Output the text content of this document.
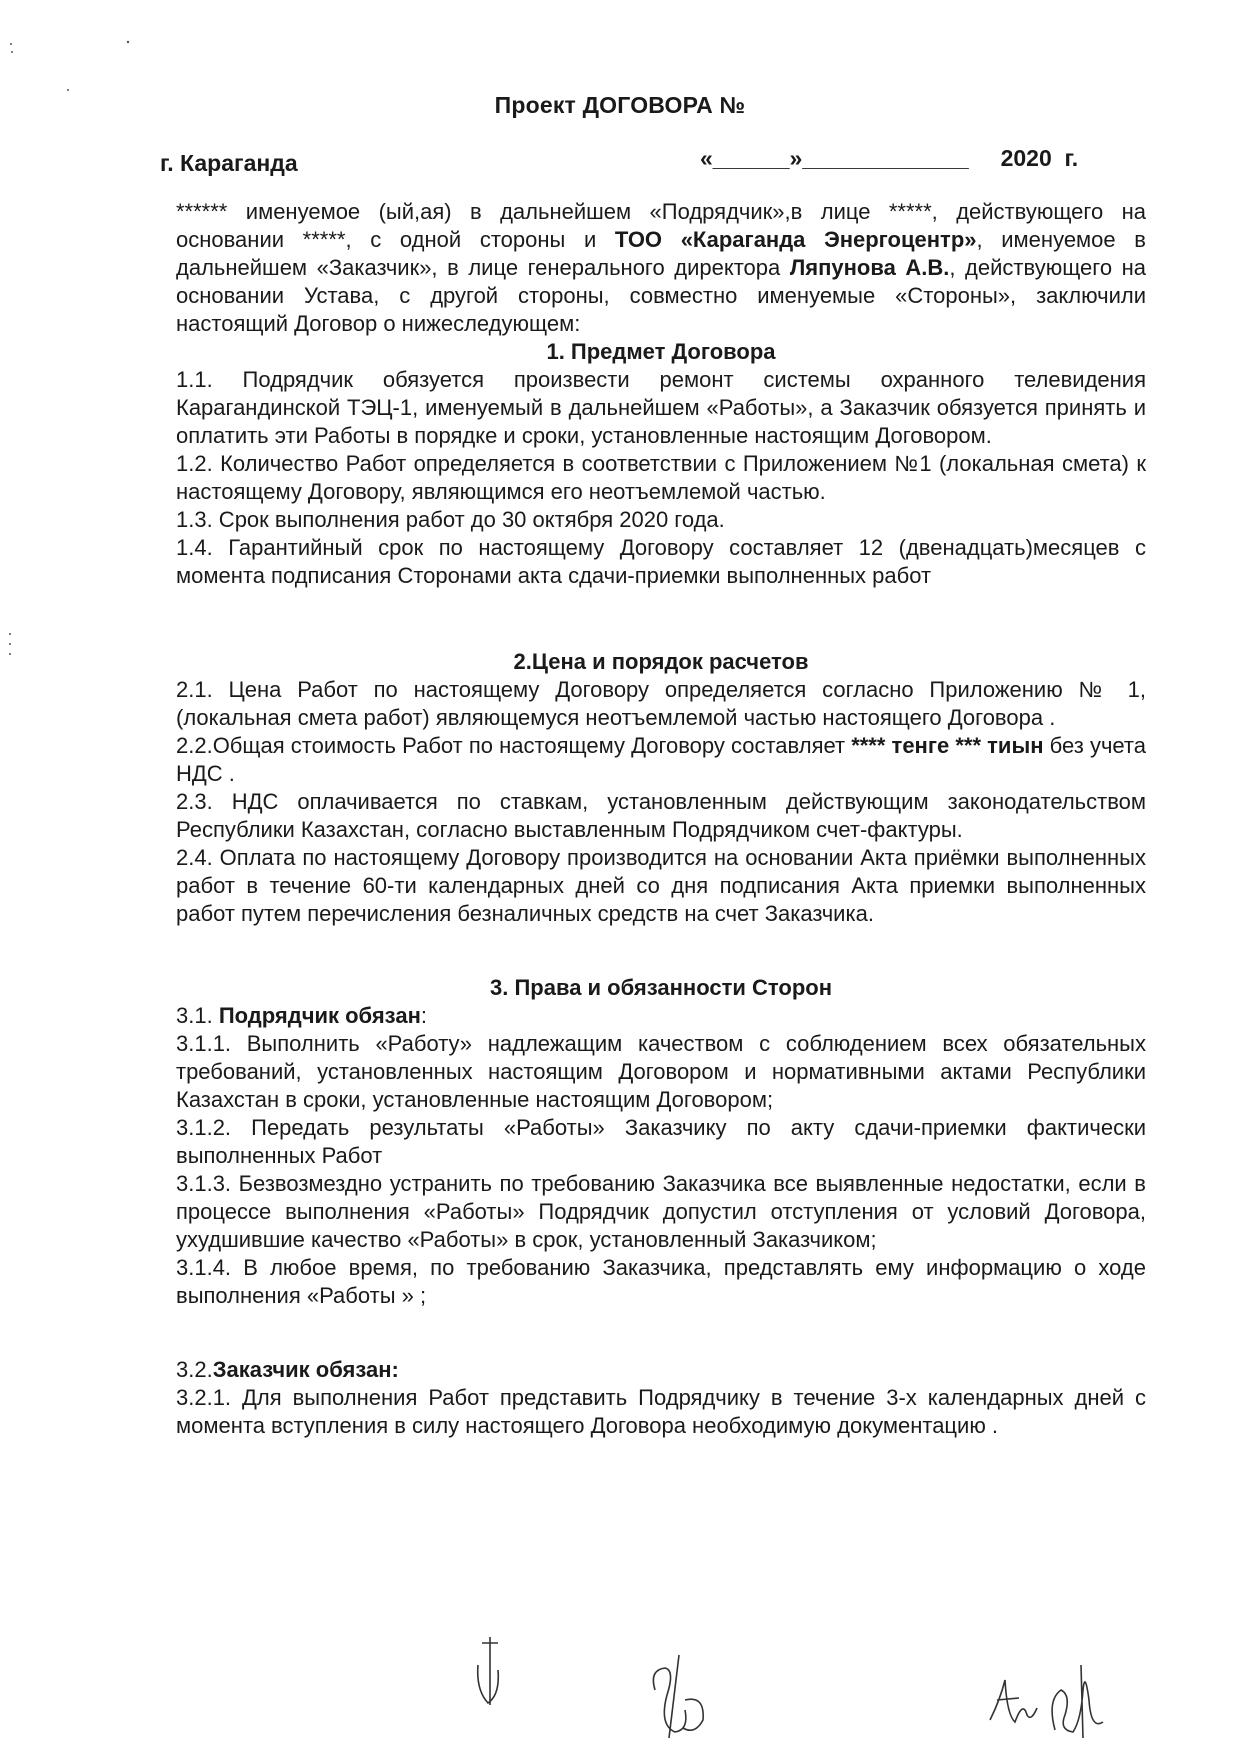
Проект ДОГОВОРА №
г. Караганда	«______»_____________     2020  г.

****** именуемое (ый,ая) в дальнейшем «Подрядчик»,в лице *****, действующего на основании *****, с одной стороны и ТОО «Караганда Энергоцентр», именуемое в дальнейшем «Заказчик», в лице генерального директора Ляпунова А.В., действующего на основании Устава, с другой стороны, совместно именуемые «Стороны», заключили настоящий Договор о нижеследующем:

1. Предмет Договора

1.1. Подрядчик обязуется произвести ремонт системы охранного телевидения Карагандинской ТЭЦ-1, именуемый в дальнейшем «Работы», а Заказчик обязуется принять и оплатить эти Работы в порядке и сроки, установленные настоящим Договором.

1.2. Количество Работ определяется в соответствии с Приложением №1 (локальная смета) к настоящему Договору, являющимся его неотъемлемой частью.

1.3. Срок выполнения работ до 30 октября 2020 года.

1.4. Гарантийный срок по настоящему Договору составляет 12 (двенадцать)месяцев с момента подписания Сторонами акта сдачи-приемки выполненных работ

2.Цена и порядок расчетов

2.1. Цена Работ по настоящему Договору определяется согласно Приложению № 1, (локальная смета работ) являющемуся неотъемлемой частью настоящего Договора .

2.2.Общая стоимость Работ по настоящему Договору составляет **** тенге *** тиын без учета НДС .

2.3. НДС оплачивается по ставкам, установленным действующим законодательством Республики Казахстан, согласно выставленным Подрядчиком счет-фактуры.

2.4. Оплата по настоящему Договору производится на основании Акта приёмки выполненных работ в течение 60-ти календарных дней со дня подписания Акта приемки выполненных работ путем перечисления безналичных средств на счет Заказчика.

3. Права и обязанности Сторон

3.1. Подрядчик обязан:

3.1.1. Выполнить «Работу» надлежащим качеством с соблюдением всех обязательных требований, установленных настоящим Договором и нормативными актами Республики Казахстан в сроки, установленные настоящим Договором;

3.1.2. Передать результаты «Работы» Заказчику по акту сдачи-приемки фактически выполненных Работ

3.1.3. Безвозмездно устранить по требованию Заказчика все выявленные недостатки, если в процессе выполнения «Работы» Подрядчик допустил отступления от условий Договора, ухудшившие качество «Работы» в срок, установленный Заказчиком;

3.1.4. В любое время, по требованию Заказчика, представлять ему информацию о ходе выполнения «Работы » ;

3.2.Заказчик обязан:

3.2.1. Для выполнения Работ представить Подрядчику в течение 3-х календарных дней с момента вступления в силу настоящего Договора необходимую документацию .
